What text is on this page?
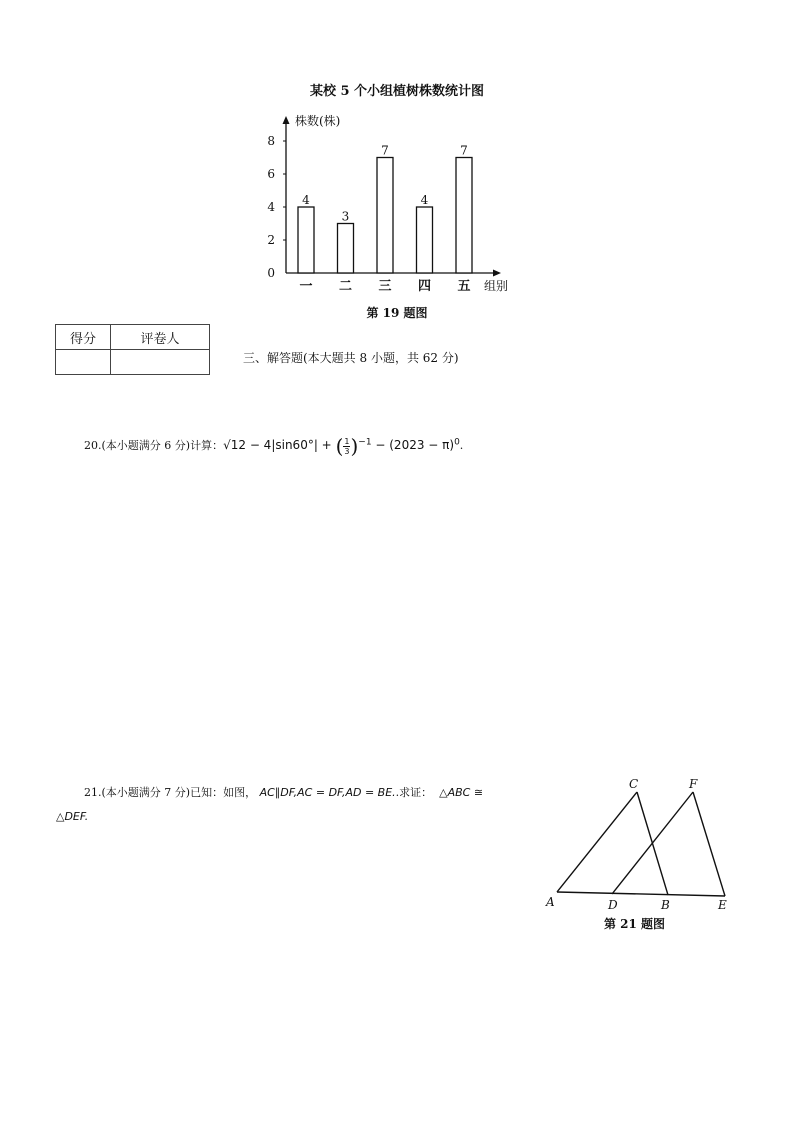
某校 5 个小组植树株数统计图
株数(株)
组别
0
2
4
6
8
4
一
3
二
7
三
4
四
7
五
第 19 题图
得分	评卷人

三、解答题(本大题共 8 小题，共 62 分)
20.(本小题满分 6 分)计算：√12 − 4|sin60°| + ( $\frac{1}{3} )^{-1} - (2023 - \pi)^0$.
21.(本小题满分 7 分)已知：如图， AC∥DF,AC = DF,AD = BE..求证： △ABC ≅
△DEF.
C	F
A	D	B	E
第 21 题图
